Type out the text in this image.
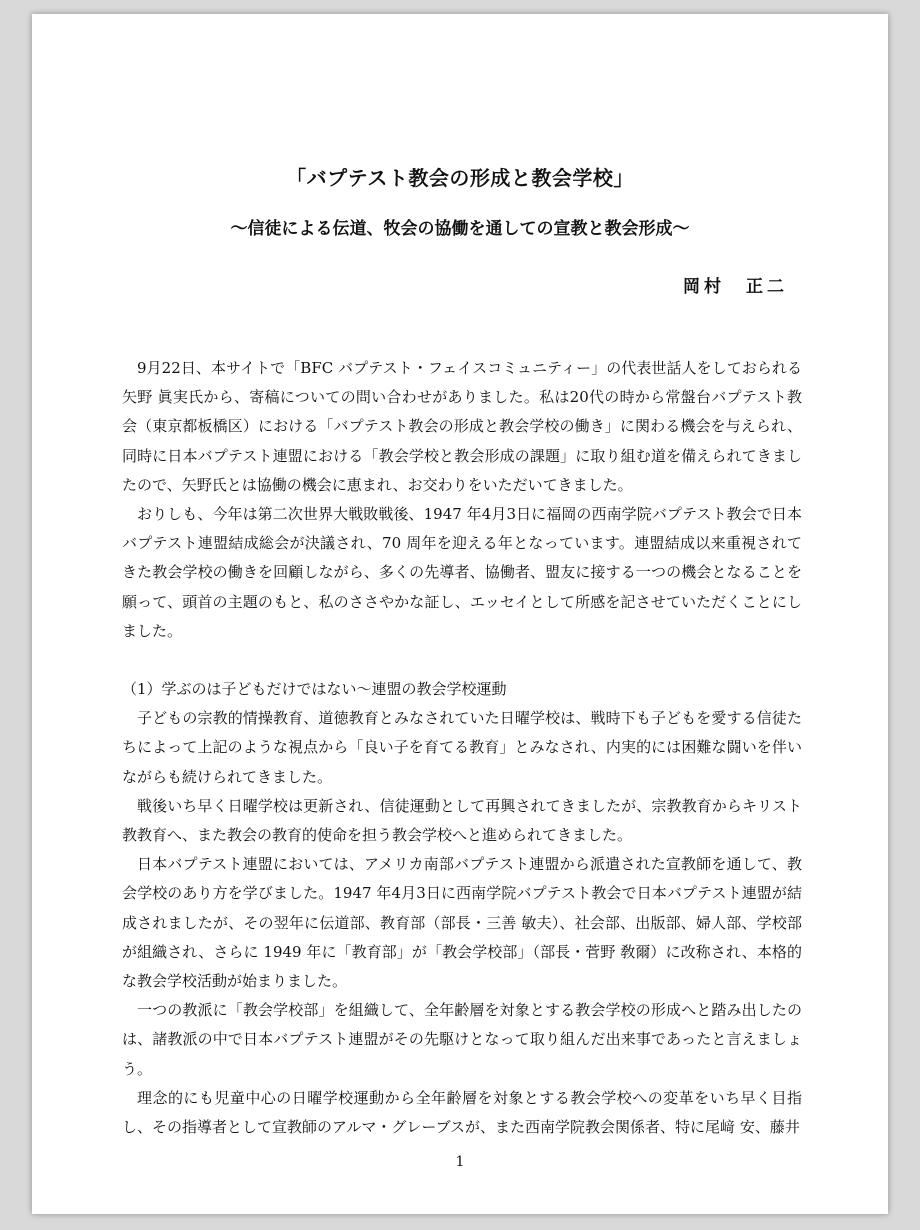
「バプテスト教会の形成と教会学校」
〜信徒による伝道、牧会の協働を通しての宣教と教会形成〜
岡村　正二

9月22日、本サイトで「BFC バプテスト・フェイスコミュニティー」の代表世話人をしておられる矢野 眞実氏から、寄稿についての問い合わせがありました。私は20代の時から常盤台バプテスト教会（東京都板橋区）における「バプテスト教会の形成と教会学校の働き」に関わる機会を与えられ、同時に日本バプテスト連盟における「教会学校と教会形成の課題」に取り組む道を備えられてきましたので、矢野氏とは協働の機会に恵まれ、お交わりをいただいてきました。

おりしも、今年は第二次世界大戦敗戦後、1947 年4月3日に福岡の西南学院バプテスト教会で日本バプテスト連盟結成総会が決議され、70 周年を迎える年となっています。連盟結成以来重視されてきた教会学校の働きを回顧しながら、多くの先導者、協働者、盟友に接する一つの機会となることを願って、頭首の主題のもと、私のささやかな証し、エッセイとして所感を記させていただくことにしました。

（1）学ぶのは子どもだけではない〜連盟の教会学校運動

子どもの宗教的情操教育、道徳教育とみなされていた日曜学校は、戦時下も子どもを愛する信徒たちによって上記のような視点から「良い子を育てる教育」とみなされ、内実的には困難な闘いを伴いながらも続けられてきました。

戦後いち早く日曜学校は更新され、信徒運動として再興されてきましたが、宗教教育からキリスト教教育へ、また教会の教育的使命を担う教会学校へと進められてきました。

日本バプテスト連盟においては、アメリカ南部バプテスト連盟から派遣された宣教師を通して、教会学校のあり方を学びました。1947 年4月3日に西南学院バプテスト教会で日本バプテスト連盟が結成されましたが、その翌年に伝道部、教育部（部長・三善 敏夫）、社会部、出版部、婦人部、学校部が組織され、さらに 1949 年に「教育部」が「教会学校部」（部長・菅野 敎爾）に改称され、本格的な教会学校活動が始まりました。

一つの教派に「教会学校部」を組織して、全年齢層を対象とする教会学校の形成へと踏み出したのは、諸教派の中で日本バプテスト連盟がその先駆けとなって取り組んだ出来事であったと言えましょう。

理念的にも児童中心の日曜学校運動から全年齢層を対象とする教会学校への変革をいち早く目指し、その指導者として宣教師のアルマ・グレーブスが、また西南学院教会関係者、特に尾﨑 安、藤井

1
